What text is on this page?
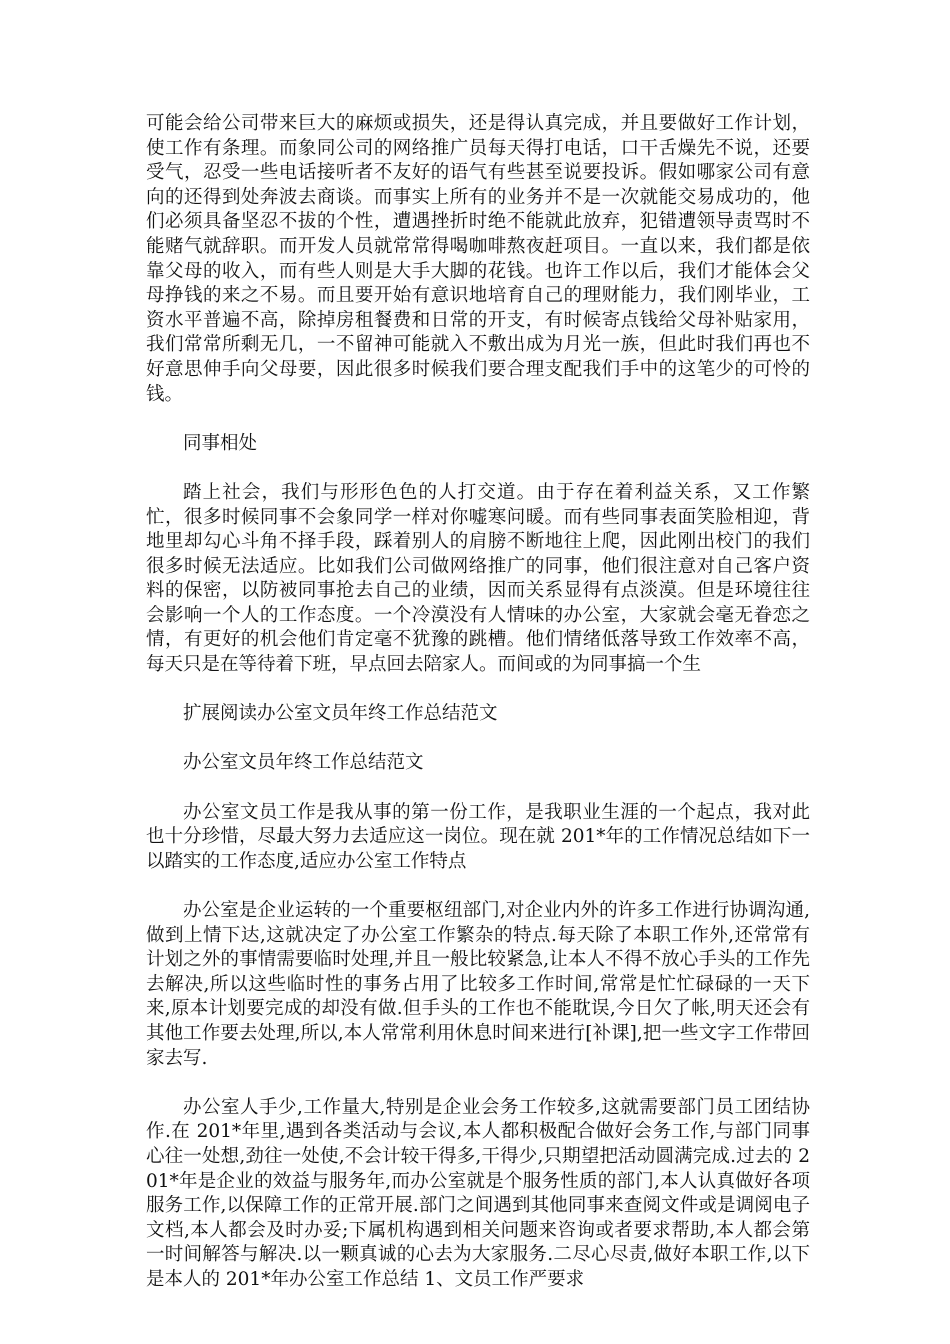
可能会给公司带来巨大的麻烦或损失，还是得认真完成，并且要做好工作计划，使工作有条理。而象同公司的网络推广员每天得打电话，口干舌燥先不说，还要受气，忍受一些电话接听者不友好的语气有些甚至说要投诉。假如哪家公司有意向的还得到处奔波去商谈。而事实上所有的业务并不是一次就能交易成功的，他们必须具备坚忍不拔的个性，遭遇挫折时绝不能就此放弃，犯错遭领导责骂时不能赌气就辞职。而开发人员就常常得喝咖啡熬夜赶项目。一直以来，我们都是依靠父母的收入，而有些人则是大手大脚的花钱。也许工作以后，我们才能体会父母挣钱的来之不易。而且要开始有意识地培育自己的理财能力，我们刚毕业，工资水平普遍不高，除掉房租餐费和日常的开支，有时候寄点钱给父母补贴家用，我们常常所剩无几，一不留神可能就入不敷出成为月光一族，但此时我们再也不好意思伸手向父母要，因此很多时候我们要合理支配我们手中的这笔少的可怜的钱。

同事相处

踏上社会，我们与形形色色的人打交道。由于存在着利益关系，又工作繁忙，很多时候同事不会象同学一样对你嘘寒问暖。而有些同事表面笑脸相迎，背地里却勾心斗角不择手段，踩着别人的肩膀不断地往上爬，因此刚出校门的我们很多时候无法适应。比如我们公司做网络推广的同事，他们很注意对自己客户资料的保密，以防被同事抢去自己的业绩，因而关系显得有点淡漠。但是环境往往会影响一个人的工作态度。一个冷漠没有人情味的办公室，大家就会毫无眷恋之情，有更好的机会他们肯定毫不犹豫的跳槽。他们情绪低落导致工作效率不高，每天只是在等待着下班，早点回去陪家人。而间或的为同事搞一个生

扩展阅读办公室文员年终工作总结范文

办公室文员年终工作总结范文

办公室文员工作是我从事的第一份工作，是我职业生涯的一个起点，我对此也十分珍惜，尽最大努力去适应这一岗位。现在就 201*年的工作情况总结如下一以踏实的工作态度,适应办公室工作特点

办公室是企业运转的一个重要枢纽部门,对企业内外的许多工作进行协调沟通,做到上情下达,这就决定了办公室工作繁杂的特点.每天除了本职工作外,还常常有计划之外的事情需要临时处理,并且一般比较紧急,让本人不得不放心手头的工作先去解决,所以这些临时性的事务占用了比较多工作时间,常常是忙忙碌碌的一天下来,原本计划要完成的却没有做.但手头的工作也不能耽误,今日欠了帐,明天还会有其他工作要去处理,所以,本人常常利用休息时间来进行[补课],把一些文字工作带回家去写.

办公室人手少,工作量大,特别是企业会务工作较多,这就需要部门员工团结协作.在 201*年里,遇到各类活动与会议,本人都积极配合做好会务工作,与部门同事心往一处想,劲往一处使,不会计较干得多,干得少,只期望把活动圆满完成.过去的 201*年是企业的效益与服务年,而办公室就是个服务性质的部门,本人认真做好各项服务工作,以保障工作的正常开展.部门之间遇到其他同事来查阅文件或是调阅电子文档,本人都会及时办妥;下属机构遇到相关问题来咨询或者要求帮助,本人都会第一时间解答与解决.以一颗真诚的心去为大家服务.二尽心尽责,做好本职工作,以下是本人的 201*年办公室工作总结 1、文员工作严要求
